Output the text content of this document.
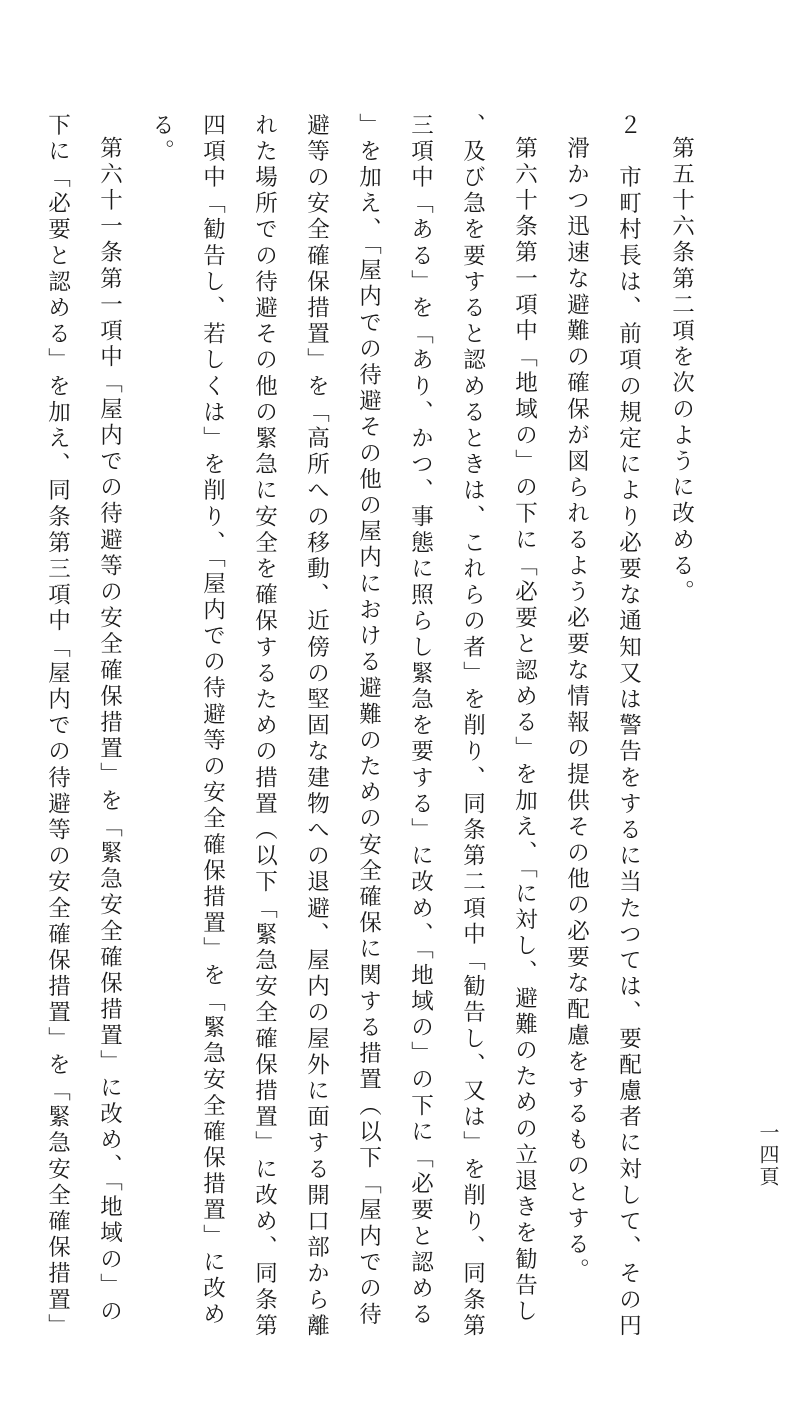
第五十六条第二項を次のように改める。
２　市町村長は、前項の規定により必要な通知又は警告をするに当たつては、要配慮者に対して、その円
滑かつ迅速な避難の確保が図られるよう必要な情報の提供その他の必要な配慮をするものとする。
第六十条第一項中「地域の」の下に「必要と認める」を加え、「に対し、避難のための立退きを勧告し
、及び急を要すると認めるときは、これらの者」を削り、同条第二項中「勧告し、又は」を削り、同条第
三項中「ある」を「あり、かつ、事態に照らし緊急を要する」に改め、「地域の」の下に「必要と認める
」を加え、「屋内での待避その他の屋内における避難のための安全確保に関する措置（以下「屋内での待
避等の安全確保措置」を「高所への移動、近傍の堅固な建物への退避、屋内の屋外に面する開口部から離
れた場所での待避その他の緊急に安全を確保するための措置（以下「緊急安全確保措置」に改め、同条第
四項中「勧告し、若しくは」を削り、「屋内での待避等の安全確保措置」を「緊急安全確保措置」に改め
る。
第六十一条第一項中「屋内での待避等の安全確保措置」を「緊急安全確保措置」に改め、「地域の」の
下に「必要と認める」を加え、同条第三項中「屋内での待避等の安全確保措置」を「緊急安全確保措置」	一四頁
